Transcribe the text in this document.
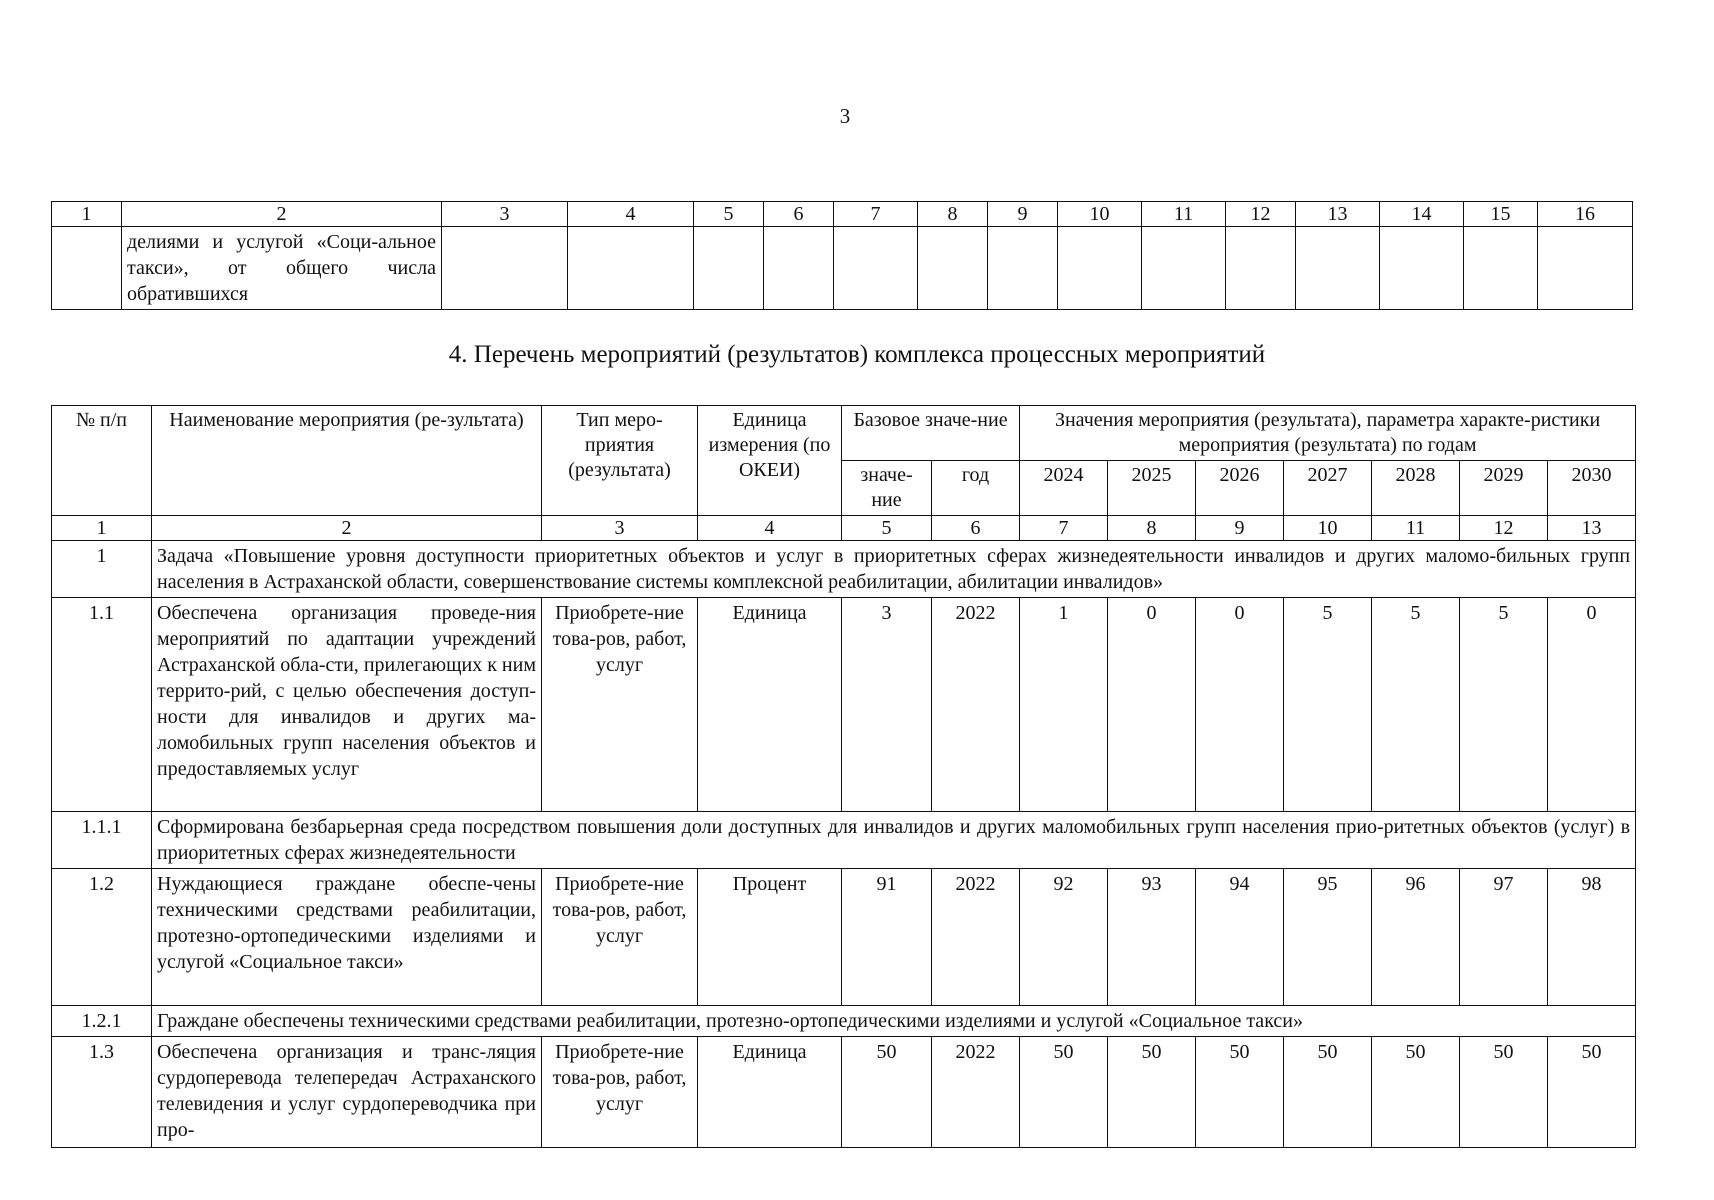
3
1	2	3	4	5	6	7	8	9	10	11	12	13	14	15	16
	делиями и услугой «Соци-альное такси», от общего числа обратившихся														
4. Перечень мероприятий (результатов) комплекса процессных мероприятий
№ п/п	Наименование мероприятия (ре-зультата)	Тип меро-приятия (результата)	Единица измерения (по ОКЕИ)	Базовое значе-ние		Значения мероприятия (результата), параметра характе-ристики мероприятия (результата) по годам						
				значе-ние	год	2024	2025	2026	2027	2028	2029	2030
1	2	3	4	5	6	7	8	9	10	11	12	13
1	Задача «Повышение уровня доступности приоритетных объектов и услуг в приоритетных сферах жизнедеятельности инвалидов и других маломо-бильных групп населения в Астраханской области, совершенствование системы комплексной реабилитации, абилитации инвалидов»											
1.1	Обеспечена организация проведе-ния мероприятий по адаптации учреждений Астраханской обла-сти, прилегающих к ним террито-рий, с целью обеспечения доступ-ности для инвалидов и других ма-ломобильных групп населения объектов и предоставляемых услуг	Приобрете-ние това-ров, работ, услуг	Единица	3	2022	1	0	0	5	5	5	0
1.1.1	Сформирована безбарьерная среда посредством повышения доли доступных для инвалидов и других маломобильных групп населения прио-ритетных объектов (услуг) в приоритетных сферах жизнедеятельности											
1.2	Нуждающиеся граждане обеспе-чены техническими средствами реабилитации, протезно-ортопедическими изделиями и услугой «Социальное такси»	Приобрете-ние това-ров, работ, услуг	Процент	91	2022	92	93	94	95	96	97	98
1.2.1	Граждане обеспечены техническими средствами реабилитации, протезно-ортопедическими изделиями и услугой «Социальное такси»											
1.3	Обеспечена организация и транс-ляция сурдоперевода телепередач Астраханского телевидения и услуг сурдопереводчика при про-	Приобрете-ние това-ров, работ, услуг	Единица	50	2022	50	50	50	50	50	50	50
